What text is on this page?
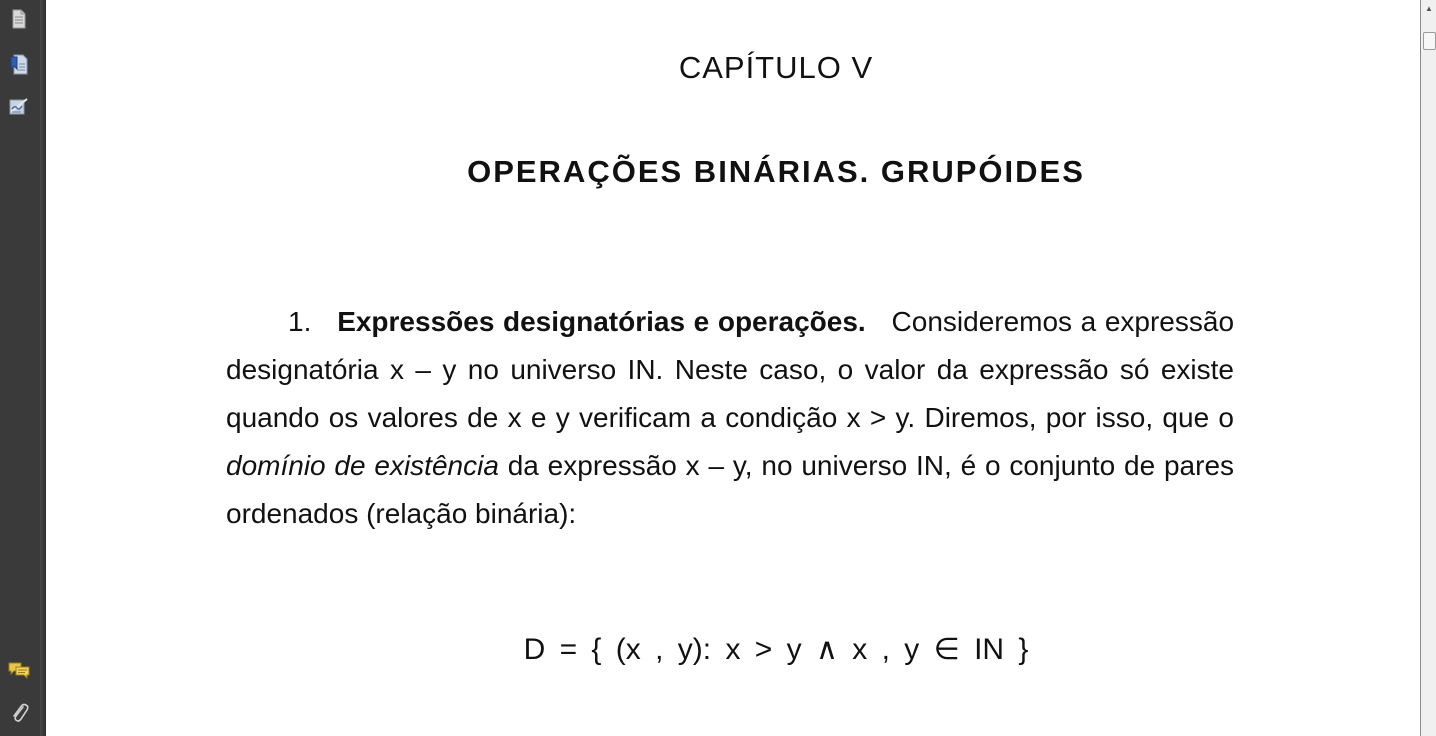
CAPÍTULO V
OPERAÇÕES BINÁRIAS. GRUPÓIDES
1. Expressões designatórias e operações. Consideremos a expressão designatória x – y no universo IN. Neste caso, o valor da expressão só existe quando os valores de x e y verificam a condição x > y. Diremos, por isso, que o domínio de existência da expressão x – y, no universo IN, é o conjunto de pares ordenados (relação binária):
D = { (x , y): x > y ∧ x , y ∈ IN }
▲
